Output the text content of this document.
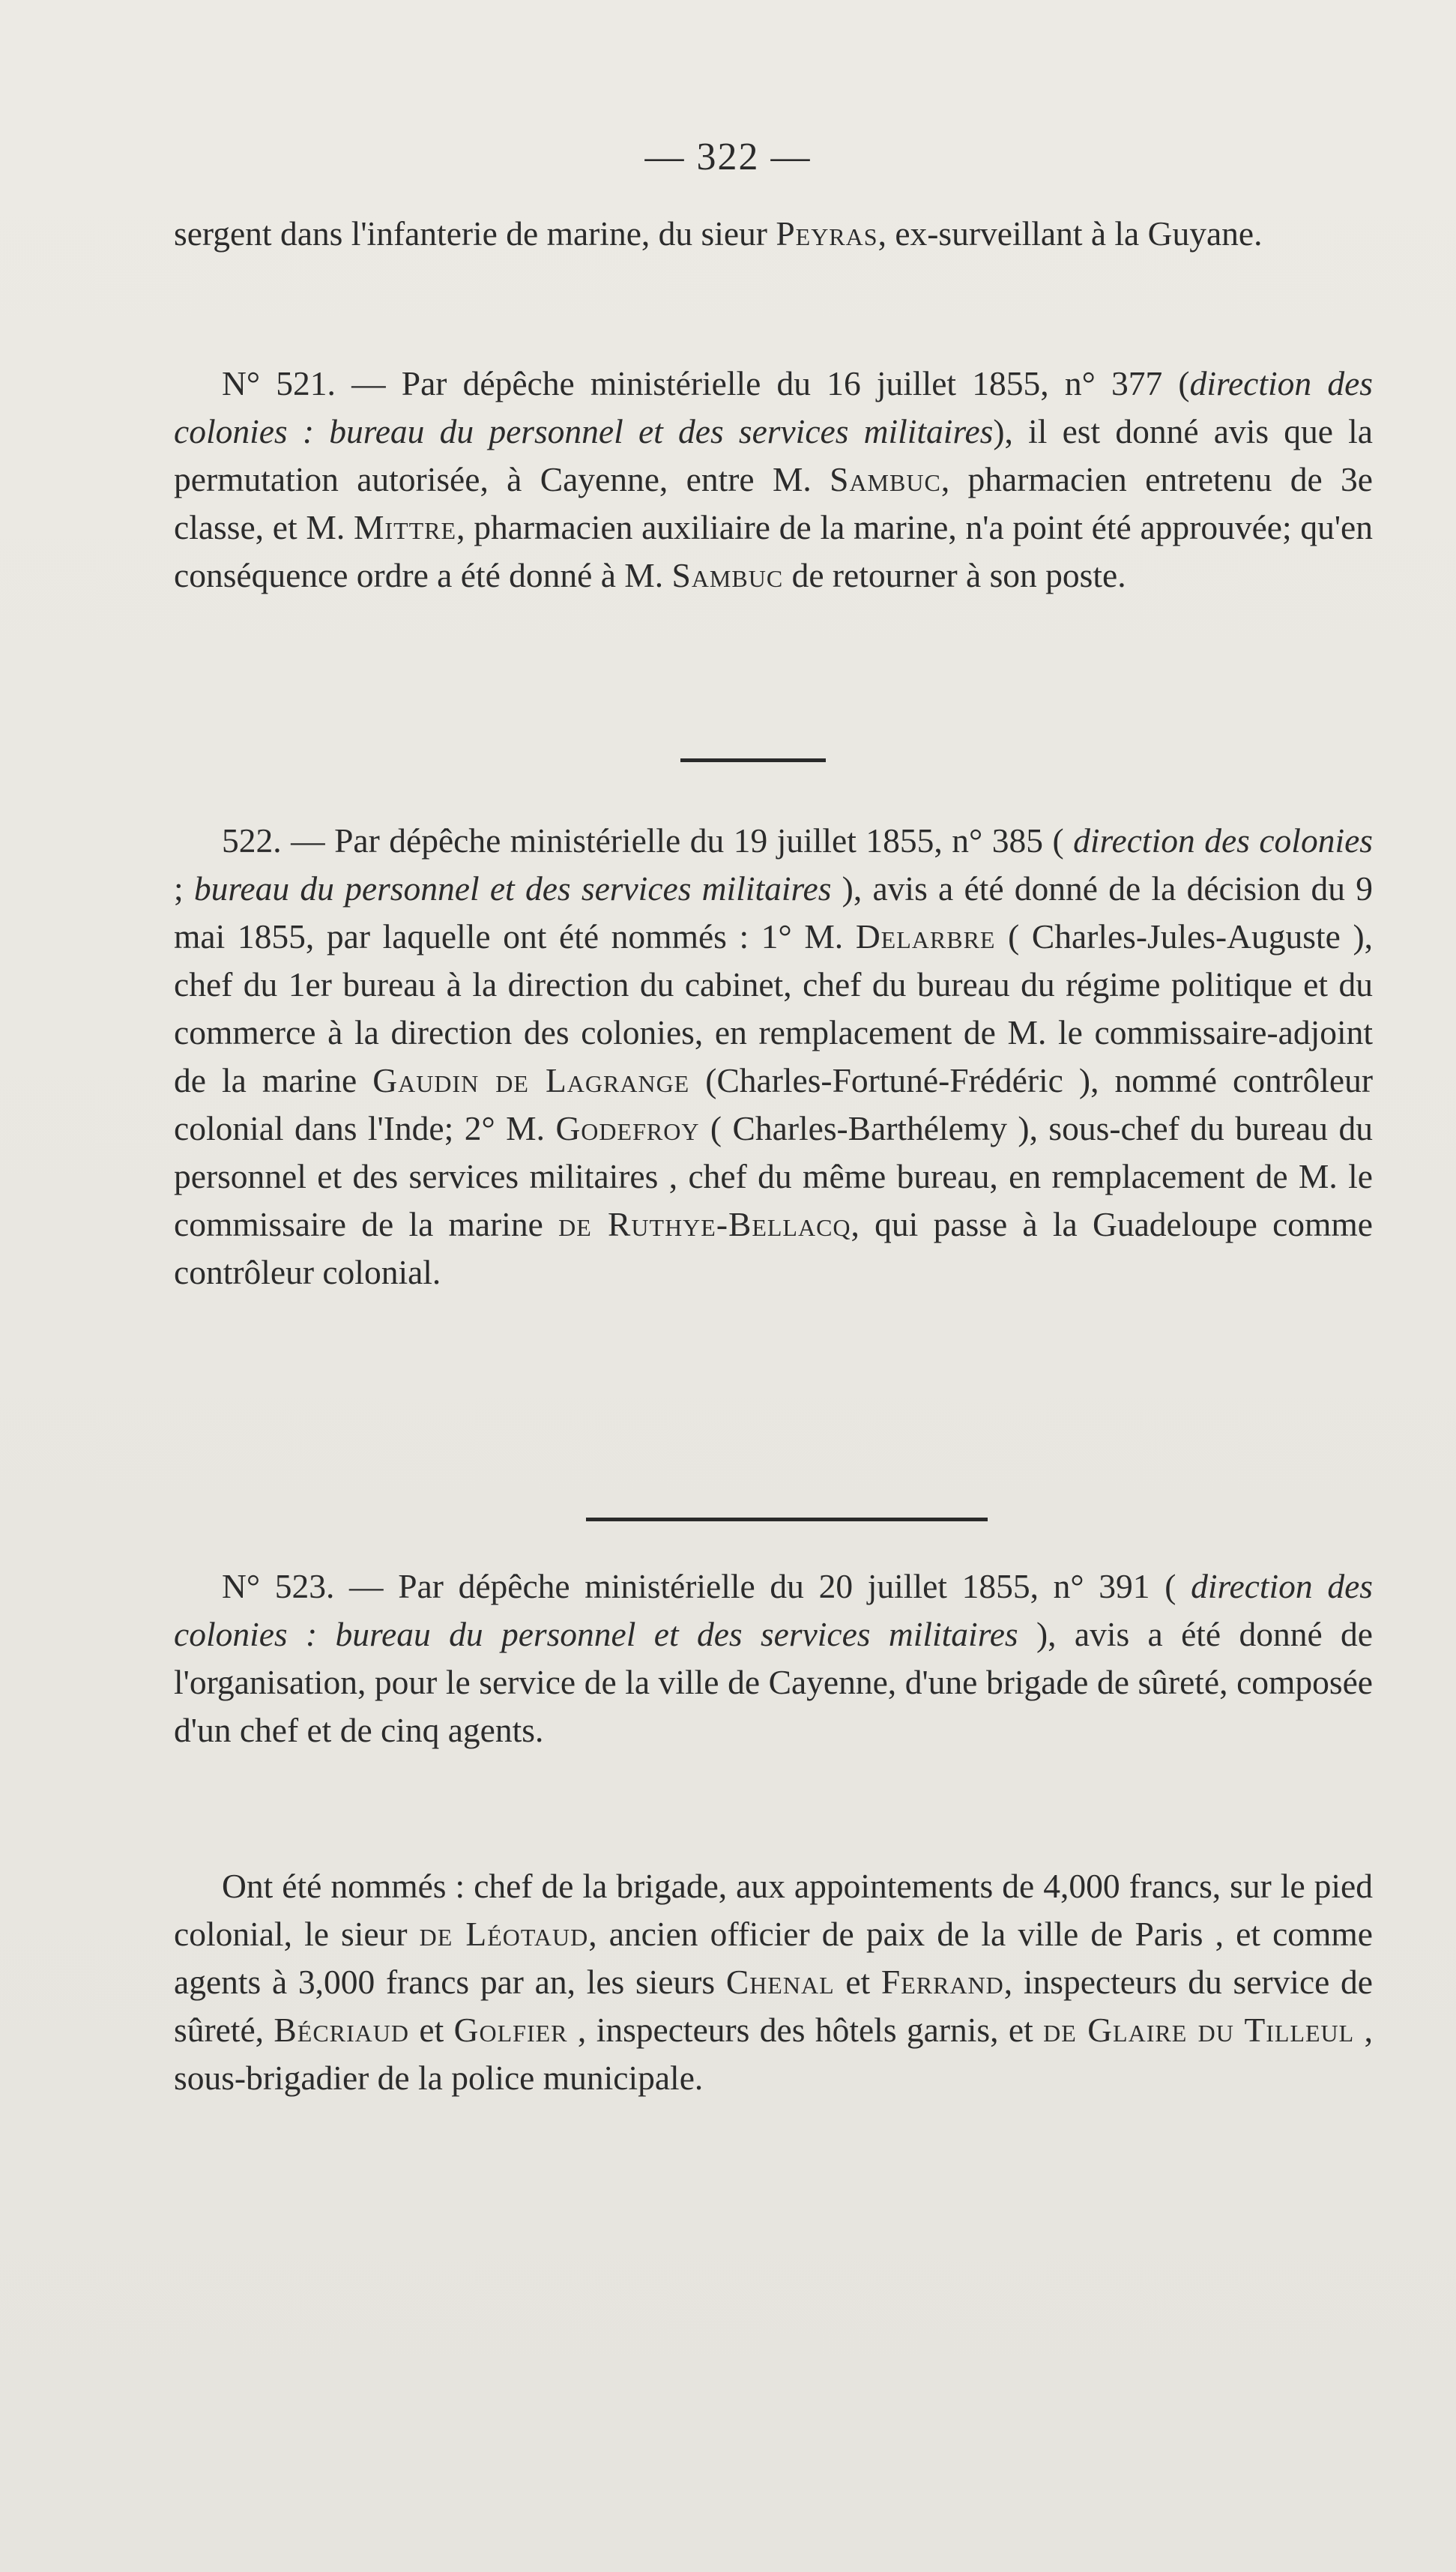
— 322 —

sergent dans l'infanterie de marine, du sieur Peyras, ex-surveillant à la Guyane.

N° 521. — Par dépêche ministérielle du 16 juillet 1855, n° 377 (direction des colonies : bureau du personnel et des services militaires), il est donné avis que la permutation autorisée, à Cayenne, entre M. Sambuc, pharmacien entretenu de 3e classe, et M. Mittre, pharmacien auxiliaire de la marine, n'a point été approuvée; qu'en conséquence ordre a été donné à M. Sambuc de retourner à son poste.

522. — Par dépêche ministérielle du 19 juillet 1855, n° 385 ( direction des colonies ; bureau du personnel et des services militaires ), avis a été donné de la décision du 9 mai 1855, par laquelle ont été nommés : 1° M. Delarbre ( Charles-Jules-Auguste ), chef du 1er bureau à la direction du cabinet, chef du bureau du régime politique et du commerce à la direction des colonies, en remplacement de M. le commissaire-adjoint de la marine Gaudin de Lagrange (Charles-Fortuné-Frédéric ), nommé contrôleur colonial dans l'Inde; 2° M. Godefroy ( Charles-Barthélemy ), sous-chef du bureau du personnel et des services militaires , chef du même bureau, en remplacement de M. le commissaire de la marine de Ruthye-Bellacq, qui passe à la Guadeloupe comme contrôleur colonial.

N° 523. — Par dépêche ministérielle du 20 juillet 1855, n° 391 ( direction des colonies : bureau du personnel et des services militaires ), avis a été donné de l'organisation, pour le service de la ville de Cayenne, d'une brigade de sûreté, composée d'un chef et de cinq agents.

Ont été nommés : chef de la brigade, aux appointements de 4,000 francs, sur le pied colonial, le sieur de Léotaud, ancien officier de paix de la ville de Paris , et comme agents à 3,000 francs par an, les sieurs Chenal et Ferrand, inspecteurs du service de sûreté, Bécriaud et Golfier , inspecteurs des hôtels garnis, et de Glaire du Tilleul , sous-brigadier de la police municipale.
